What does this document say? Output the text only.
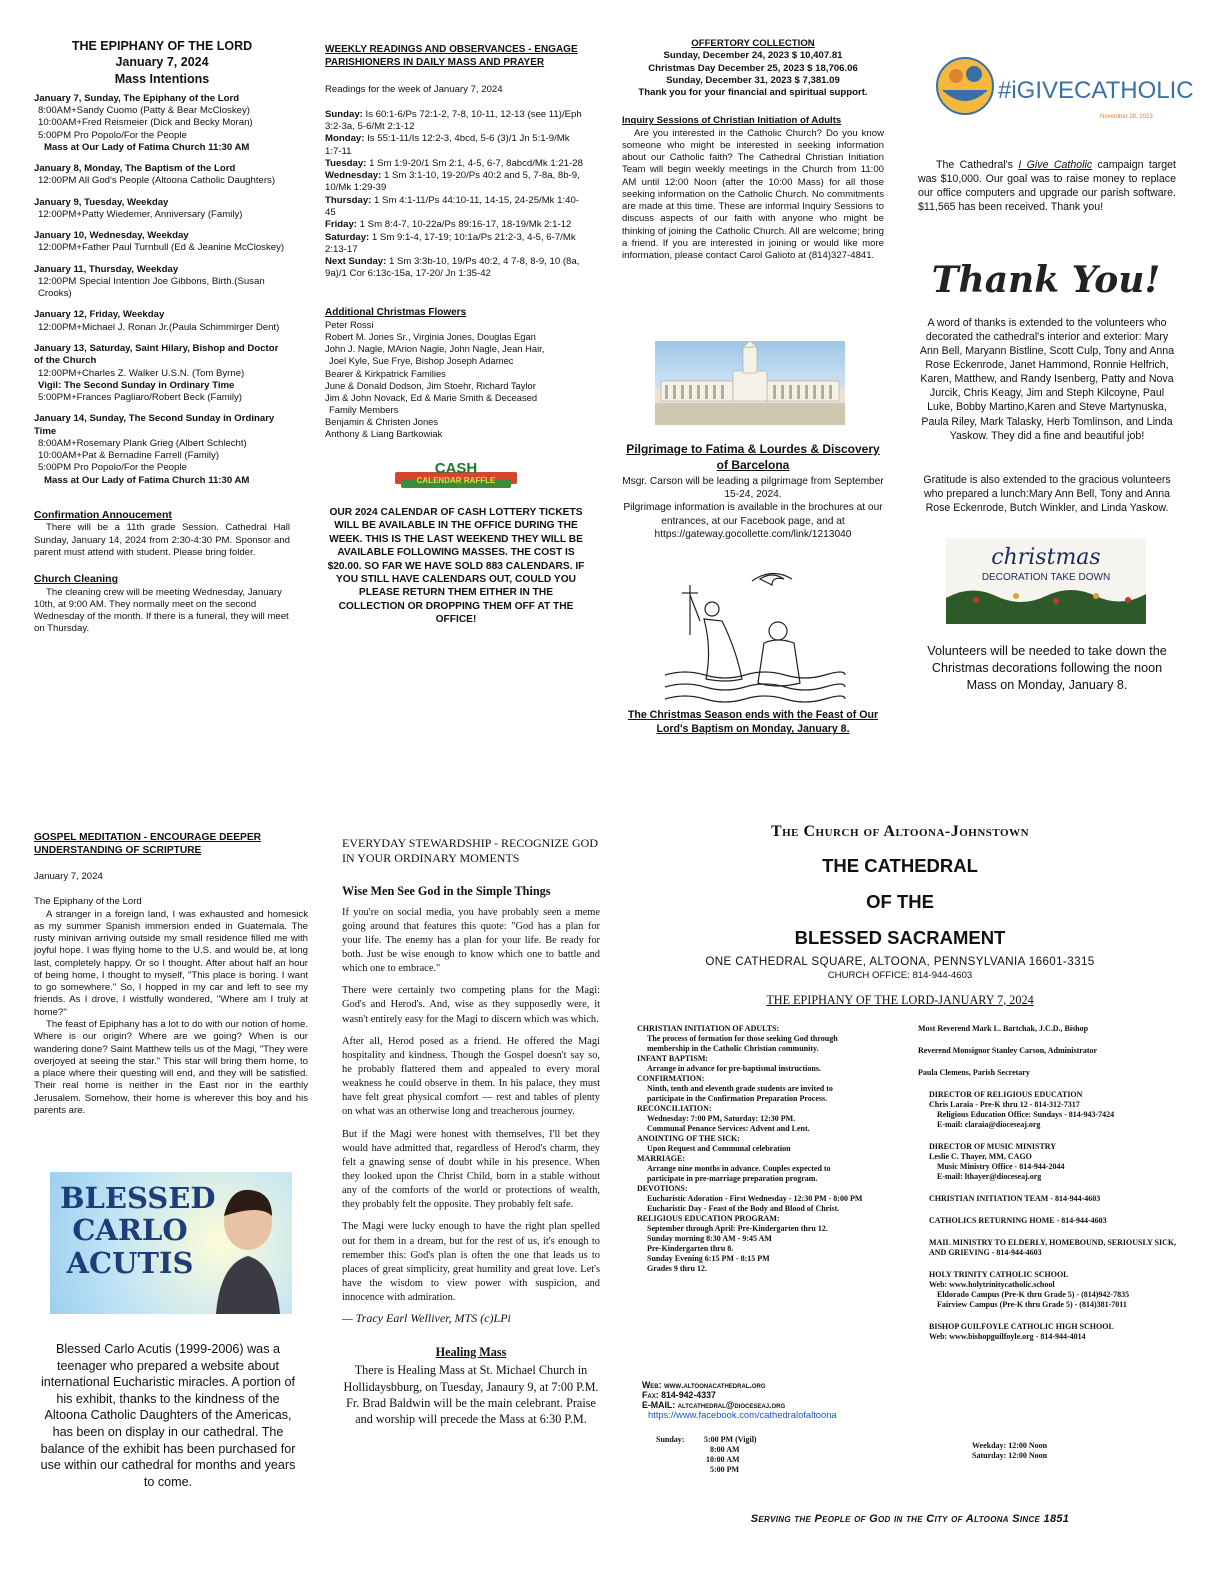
THE EPIPHANY OF THE LORD
January 7, 2024
Mass Intentions
January 7, Sunday, The Epiphany of the Lord
8:00AM+Sandy Cuomo (Patty & Bear McCloskey)
10:00AM+Fred Reismeier (Dick and Becky Moran)
5:00PM Pro Popolo/For the People
Mass at Our Lady of Fatima Church 11:30 AM
January 8, Monday, The Baptism of the Lord
12:00PM All God's People (Altoona Catholic Daughters)
January 9, Tuesday, Weekday
12:00PM+Patty Wiedemer, Anniversary (Family)
January 10, Wednesday, Weekday
12:00PM+Father Paul Turnbull (Ed & Jeanine McCloskey)
January 11, Thursday, Weekday
12:00PM Special Intention Joe Gibbons, Birth.(Susan Crooks)
January 12, Friday, Weekday
12:00PM+Michael J. Ronan Jr.(Paula Schimmirger Dent)
January 13, Saturday, Saint Hilary, Bishop and Doctor of the Church
12:00PM+Charles Z. Walker U.S.N. (Tom Byrne)
Vigil: The Second Sunday in Ordinary Time
5:00PM+Frances Pagliaro/Robert Beck (Family)
January 14, Sunday, The Second Sunday in Ordinary Time
8:00AM+Rosemary Plank Grieg (Albert Schlecht)
10:00AM+Pat & Bernadine Farrell (Family)
5:00PM Pro Popolo/For the People
Mass at Our Lady of Fatima Church 11:30 AM
Confirmation Annoucement
There will be a 11th grade Session. Cathedral Hall Sunday, January 14, 2024 from 2:30-4:30 PM. Sponsor and parent must attend with student. Please bring folder.
Church Cleaning
The cleaning crew will be meeting Wednesday, January 10th, at 9:00 AM. They normally meet on the second Wednesday of the month. If there is a funeral, they will meet on Thursday.
WEEKLY READINGS AND OBSERVANCES - ENGAGE PARISHIONERS IN DAILY MASS AND PRAYER
Readings for the week of January 7, 2024
Sunday: Is 60:1-6/Ps 72:1-2, 7-8, 10-11, 12-13 (see 11)/Eph 3:2-3a, 5-6/Mt 2:1-12
Monday: Is 55:1-11/Is 12:2-3, 4bcd, 5-6 (3)/1 Jn 5:1-9/Mk 1:7-11
Tuesday: 1 Sm 1:9-20/1 Sm 2:1, 4-5, 6-7, 8abcd/Mk 1:21-28
Wednesday: 1 Sm 3:1-10, 19-20/Ps 40:2 and 5, 7-8a, 8b-9, 10/Mk 1:29-39
Thursday: 1 Sm 4:1-11/Ps 44:10-11, 14-15, 24-25/Mk 1:40-45
Friday: 1 Sm 8:4-7, 10-22a/Ps 89:16-17, 18-19/Mk 2:1-12
Saturday: 1 Sm 9:1-4, 17-19; 10:1a/Ps 21:2-3, 4-5, 6-7/Mk 2:13-17
Next Sunday: 1 Sm 3:3b-10, 19/Ps 40:2, 4 7-8, 8-9, 10 (8a, 9a)/1 Cor 6:13c-15a, 17-20/ Jn 1:35-42
Additional Christmas Flowers
Peter Rossi
Robert M. Jones Sr., Virginia Jones, Douglas Egan
John J. Nagle, MArion Nagle, John Nagle, Jean Hair,
Joel Kyle, Sue Frye, Bishop Joseph Adamec
Bearer & Kirkpatrick Families
June & Donald Dodson, Jim Stoehr, Richard Taylor
Jim & John Novack, Ed & Marie Smith & Deceased
Family Members
Benjamin & Christen Jones
Anthony & Liang Bartkowiak
CASH
CALENDAR RAFFLE
OUR 2024 CALENDAR OF CASH LOTTERY TICKETS WILL BE AVAILABLE IN THE OFFICE DURING THE WEEK. THIS IS THE LAST WEEKEND THEY WILL BE AVAILABLE FOLLOWING MASSES. THE COST IS $20.00. SO FAR WE HAVE SOLD 883 CALENDARS. IF YOU STILL HAVE CALENDARS OUT, COULD YOU PLEASE RETURN THEM EITHER IN THE COLLECTION OR DROPPING THEM OFF AT THE OFFICE!
OFFERTORY COLLECTION
Sunday, December 24, 2023 $ 10,407.81
Christmas Day December 25, 2023 $ 18,706.06
Sunday, December 31, 2023 $ 7,381.09
Thank you for your financial and spiritual support.
Inquiry Sessions of Christian Initiation of Adults
Are you interested in the Catholic Church? Do you know someone who might be interested in seeking information about our Catholic faith? The Cathedral Christian Initiation Team will begin weekly meetings in the Church from 11:00 AM until 12:00 Noon (after the 10:00 Mass) for all those seeking information on the Catholic Church. No commitments are made at this time. These are informal Inquiry Sessions to discuss aspects of our faith with anyone who might be thinking of joining the Catholic Church. All are welcome; bring a friend. If you are interested in joining or would like more information, please contact Carol Galioto at (814)327-4841.
Pilgrimage to Fatima & Lourdes & Discovery of Barcelona
Msgr. Carson will be leading a pilgrimage from September 15-24, 2024.
Pilgrimage information is available in the brochures at our entrances, at our Facebook page, and at
https://gateway.gocollette.com/link/1213040
The Christmas Season ends with the Feast of Our Lord's Baptism on Monday, January 8.
#iGIVECATHOLIC
November 28, 2023
The Cathedral's I Give Catholic campaign target was $10,000. Our goal was to raise money to replace our office computers and upgrade our parish software. $11,565 has been received. Thank you!
Thank You!
A word of thanks is extended to the volunteers who decorated the cathedral's interior and exterior: Mary Ann Bell, Maryann Bistline, Scott Culp, Tony and Anna Rose Eckenrode, Janet Hammond, Ronnie Helfrich, Karen, Matthew, and Randy Isenberg, Patty and Nova Jurcik, Chris Keagy, Jim and Steph Kilcoyne, Paul Luke, Bobby Martino,Karen and Steve Martynuska, Paula Riley, Mark Talasky, Herb Tomlinson, and Linda Yaskow. They did a fine and beautiful job!
Gratitude is also extended to the gracious volunteers who prepared a lunch:Mary Ann Bell, Tony and Anna Rose Eckenrode, Butch Winkler, and Linda Yaskow.
christmas
DECORATION TAKE DOWN
Volunteers will be needed to take down the Christmas decorations following the noon Mass on Monday, January 8.
GOSPEL MEDITATION - ENCOURAGE DEEPER UNDERSTANDING OF SCRIPTURE
January 7, 2024
The Epiphany of the Lord
A stranger in a foreign land, I was exhausted and homesick as my summer Spanish immersion ended in Guatemala. The rusty minivan arriving outside my small residence filled me with joyful hope. I was flying home to the U.S. and would be, at long last, completely happy. Or so I thought. After about half an hour of being home, I thought to myself, "This place is boring. I want to go somewhere." So, I hopped in my car and left to see my friends. As I drove, I wistfully wondered, "Where am I truly at home?"
The feast of Epiphany has a lot to do with our notion of home. Where is our origin? Where are we going? When is our wandering done? Saint Matthew tells us of the Magi, "They were overjoyed at seeing the star." This star will bring them home, to a place where their questing will end, and they will be satisfied. Their real home is neither in the East nor in the earthly Jerusalem. Somehow, their home is wherever this boy and his parents are.
BLESSED
CARLO
ACUTIS
Blessed Carlo Acutis (1999-2006) was a teenager who prepared a website about international Eucharistic miracles. A portion of his exhibit, thanks to the kindness of the Altoona Catholic Daughters of the Americas, has been on display in our cathedral. The balance of the exhibit has been purchased for use within our cathedral for months and years to come.
EVERYDAY STEWARDSHIP - RECOGNIZE GOD IN YOUR ORDINARY MOMENTS
Wise Men See God in the Simple Things
If you're on social media, you have probably seen a meme going around that features this quote: "God has a plan for your life. The enemy has a plan for your life. Be ready for both. Just be wise enough to know which one to battle and which one to embrace."
There were certainly two competing plans for the Magi: God's and Herod's. And, wise as they supposedly were, it wasn't entirely easy for the Magi to discern which was which.
After all, Herod posed as a friend. He offered the Magi hospitality and kindness. Though the Gospel doesn't say so, he probably flattered them and appealed to every moral weakness he could observe in them. In his palace, they must have felt great physical comfort — rest and tables of plenty on what was an otherwise long and treacherous journey.
But if the Magi were honest with themselves, I'll bet they would have admitted that, regardless of Herod's charm, they felt a gnawing sense of doubt while in his presence. When they looked upon the Christ Child, born in a stable without any of the comforts of the world or protections of wealth, they probably felt the opposite. They probably felt safe.
The Magi were lucky enough to have the right plan spelled out for them in a dream, but for the rest of us, it's enough to remember this: God's plan is often the one that leads us to places of great simplicity, great humility and great love. Let's have the wisdom to view power with suspicion, and innocence with admiration.
— Tracy Earl Welliver, MTS (c)LPi
Healing Mass
There is Healing Mass at St. Michael Church in Hollidaysbburg, on Tuesday, Janaury 9, at 7:00 P.M. Fr. Brad Baldwin will be the main celebrant. Praise and worship will precede the Mass at 6:30 P.M.
The Church of Altoona-Johnstown
THE CATHEDRAL
OF THE
BLESSED SACRAMENT
ONE CATHEDRAL SQUARE, ALTOONA, PENNSYLVANIA 16601-3315
CHURCH OFFICE: 814-944-4603
THE EPIPHANY OF THE LORD-JANUARY 7, 2024
CHRISTIAN INITIATION OF ADULTS:
The process of formation for those seeking God through
membership in the Catholic Christian community.
INFANT BAPTISM:
Arrange in advance for pre-baptismal instructions.
CONFIRMATION:
Ninth, tenth and eleventh grade students are invited to
participate in the Confirmation Preparation Process.
RECONCILIATION:
Wednesday: 7:00 PM, Saturday: 12:30 PM.
Communal Penance Services: Advent and Lent.
ANOINTING OF THE SICK:
Upon Request and Communal celebration
MARRIAGE:
Arrange nine months in advance. Couples expected to
participate in pre-marriage preparation program.
DEVOTIONS:
Eucharistic Adoration - First Wednesday - 12:30 PM - 8:00 PM
Eucharistic Day - Feast of the Body and Blood of Christ.
RELIGIOUS EDUCATION PROGRAM:
September through April: Pre-Kindergarten thru 12.
Sunday morning 8:30 AM - 9:45 AM
Pre-Kindergarten thru 8.
Sunday Evening 6:15 PM - 8:15 PM
Grades 9 thru 12.
Web: www.altoonacathedral.org
Fax: 814-942-4337
E-MAIL: altcathedral@dioceseaj.org
https://www.facebook.com/cathedralofaltoona
Sunday:	5:00 PM (Vigil)
8:00 AM
10:00 AM
5:00 PM
Most Reverend Mark L. Bartchak, J.C.D., Bishop
Reverend Monsignor Stanley Carson, Administrator
Paula Clemens, Parish Secretary
DIRECTOR OF RELIGIOUS EDUCATION
Chris Laraia - Pre-K thru 12 - 814-312-7317
Religious Education Office: Sundays - 814-943-7424
E-mail: claraia@dioceseaj.org
DIRECTOR OF MUSIC MINISTRY
Leslie C. Thayer, MM, CAGO
Music Ministry Office - 814-944-2044
E-mail: lthayer@dioceseaj.org
CHRISTIAN INITIATION TEAM - 814-944-4603
CATHOLICS RETURNING HOME - 814-944-4603
MAIL MINISTRY TO ELDERLY, HOMEBOUND, SERIOUSLY SICK, AND GRIEVING - 814-944-4603
HOLY TRINITY CATHOLIC SCHOOL
Web: www.holytrinitycatholic.school
Eldorado Campus (Pre-K thru Grade 5) - (814)942-7835
Fairview Campus (Pre-K thru Grade 5) - (814)381-7011
BISHOP GUILFOYLE CATHOLIC HIGH SCHOOL
Web: www.bishopguilfoyle.org - 814-944-4014
Weekday: 12:00 Noon
Saturday: 12:00 Noon
Serving the People of God in the City of Altoona Since 1851
